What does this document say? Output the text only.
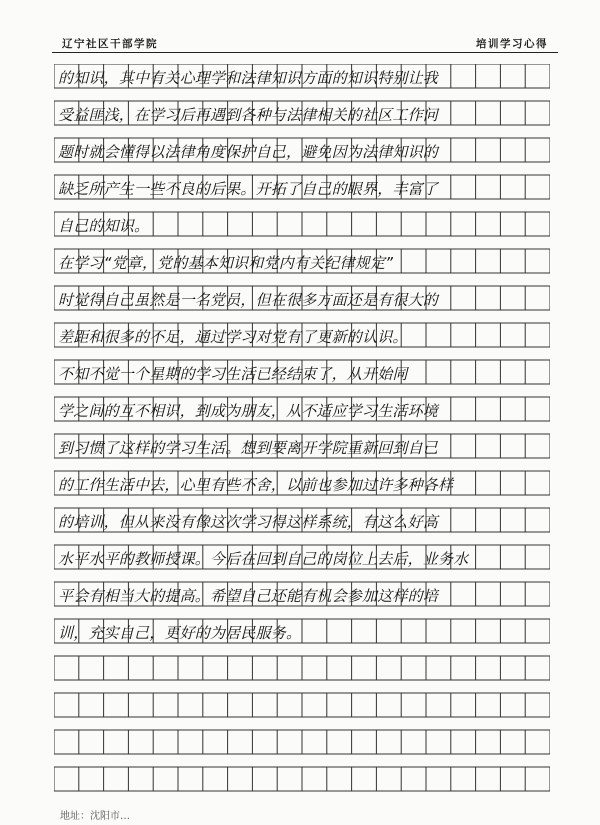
辽宁社区干部学院	培训学习心得
的知识，其中有关心理学和法律知识方面的知识特别让我
受益匪浅，在学习后再遇到各种与法律相关的社区工作问
题时就会懂得以法律角度保护自己，避免因为法律知识的
缺乏所产生一些不良的后果。开拓了自己的眼界，丰富了
自己的知识。
在学习“党章，党的基本知识和党内有关纪律规定”
时觉得自己虽然是一名党员，但在很多方面还是有很大的
差距和很多的不足，通过学习对党有了更新的认识。
不知不觉一个星期的学习生活已经结束了，从开始同
学之间的互不相识，到成为朋友，从不适应学习生活环境
到习惯了这样的学习生活。想到要离开学院重新回到自己
的工作生活中去，心里有些不舍，以前也参加过许多种各样
的培训，但从来没有像这次学习得这样系统，有这么好高
水平水平的教师授课。今后在回到自己的岗位上去后，业务水
平会有相当大的提高。希望自己还能有机会参加这样的培
训，充实自己，更好的为居民服务。
地址：沈阳市…
